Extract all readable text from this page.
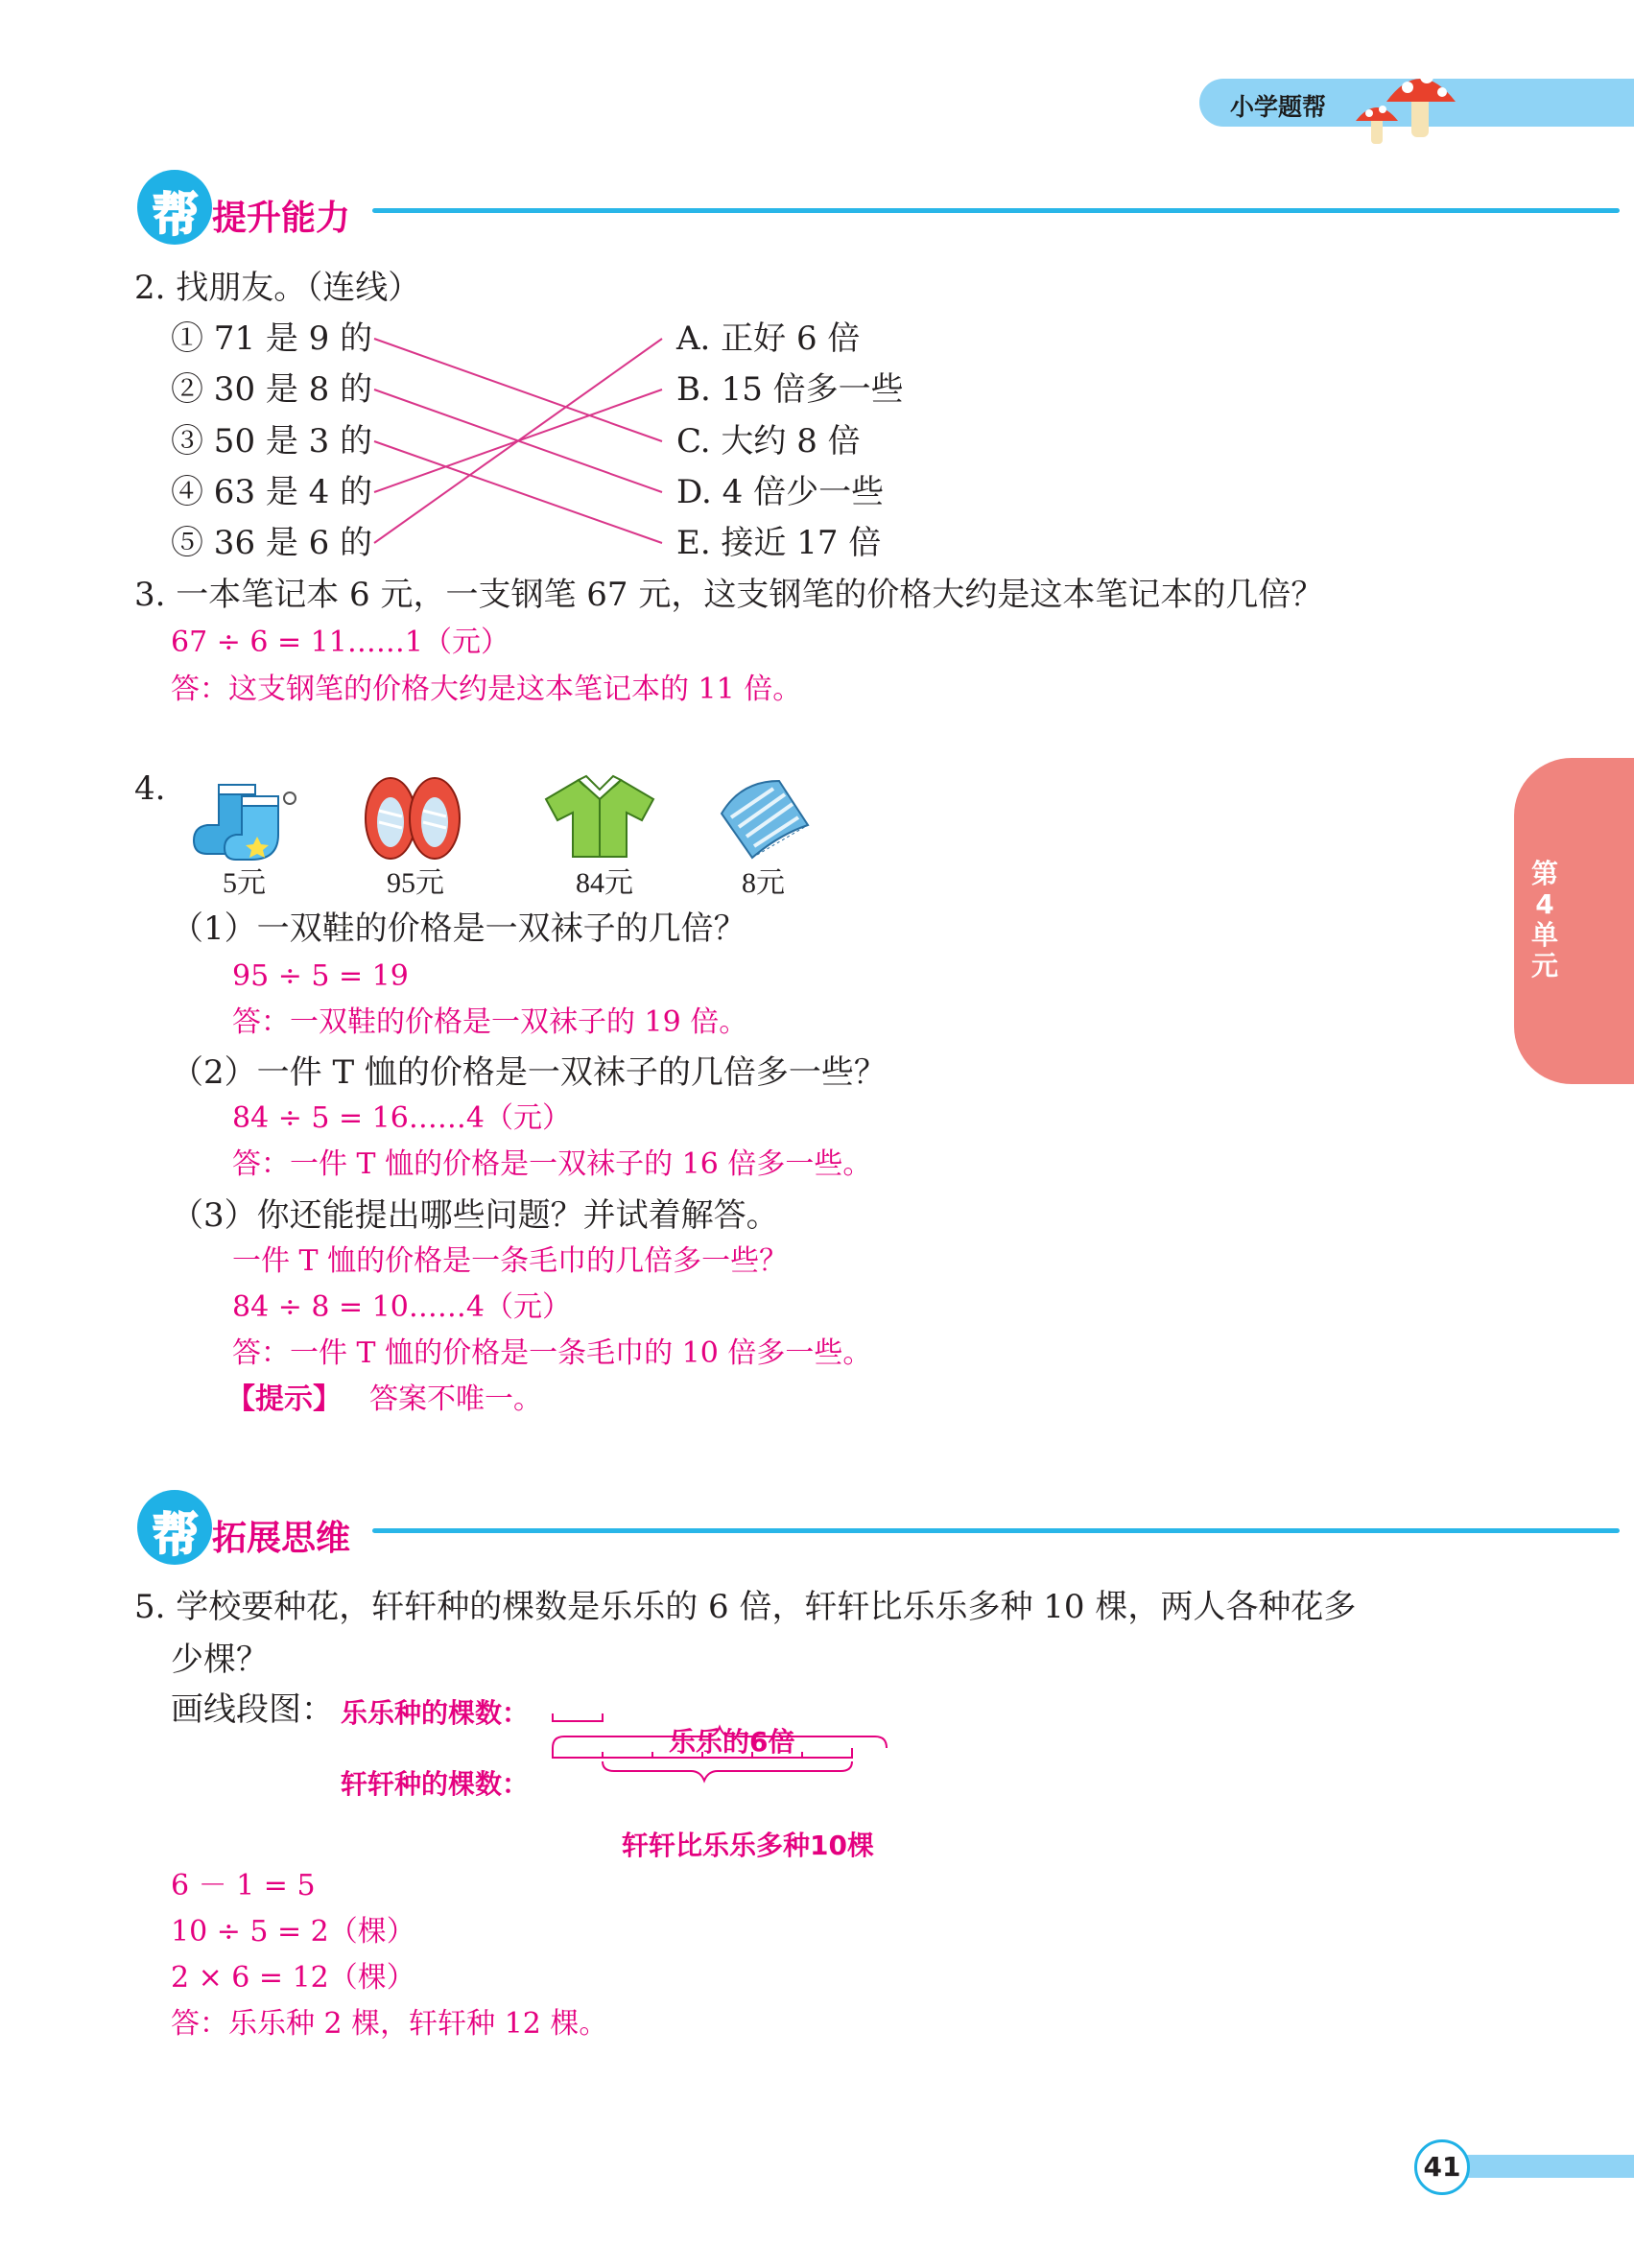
小学题帮
帮 提升能力
2. 找朋友。（连线）
① 71 是 9 的
② 30 是 8 的
③ 50 是 3 的
④ 63 是 4 的
⑤ 36 是 6 的
A. 正好 6 倍
B. 15 倍多一些
C. 大约 8 倍
D. 4 倍少一些
E. 接近 17 倍
3. 一本笔记本 6 元，一支钢笔 67 元，这支钢笔的价格大约是这本笔记本的几倍？
67 ÷ 6 = 11……1（元）
答：这支钢笔的价格大约是这本笔记本的 11 倍。
4.
5元	95元	84元	8元
（1）一双鞋的价格是一双袜子的几倍？
95 ÷ 5 = 19
答：一双鞋的价格是一双袜子的 19 倍。
（2）一件 T 恤的价格是一双袜子的几倍多一些？
84 ÷ 5 = 16……4（元）
答：一件 T 恤的价格是一双袜子的 16 倍多一些。
（3）你还能提出哪些问题？并试着解答。
一件 T 恤的价格是一条毛巾的几倍多一些？
84 ÷ 8 = 10……4（元）
答：一件 T 恤的价格是一条毛巾的 10 倍多一些。
【提示】 答案不唯一。
帮 拓展思维
5. 学校要种花，轩轩种的棵数是乐乐的 6 倍，轩轩比乐乐多种 10 棵，两人各种花多
少棵？
画线段图： 乐乐种的棵数：
乐乐的6倍
轩轩种的棵数：
轩轩比乐乐多种10棵
6 － 1 = 5
10 ÷ 5 = 2（棵）
2 × 6 = 12（棵）
答：乐乐种 2 棵，轩轩种 12 棵。
第
4
单
元
41
